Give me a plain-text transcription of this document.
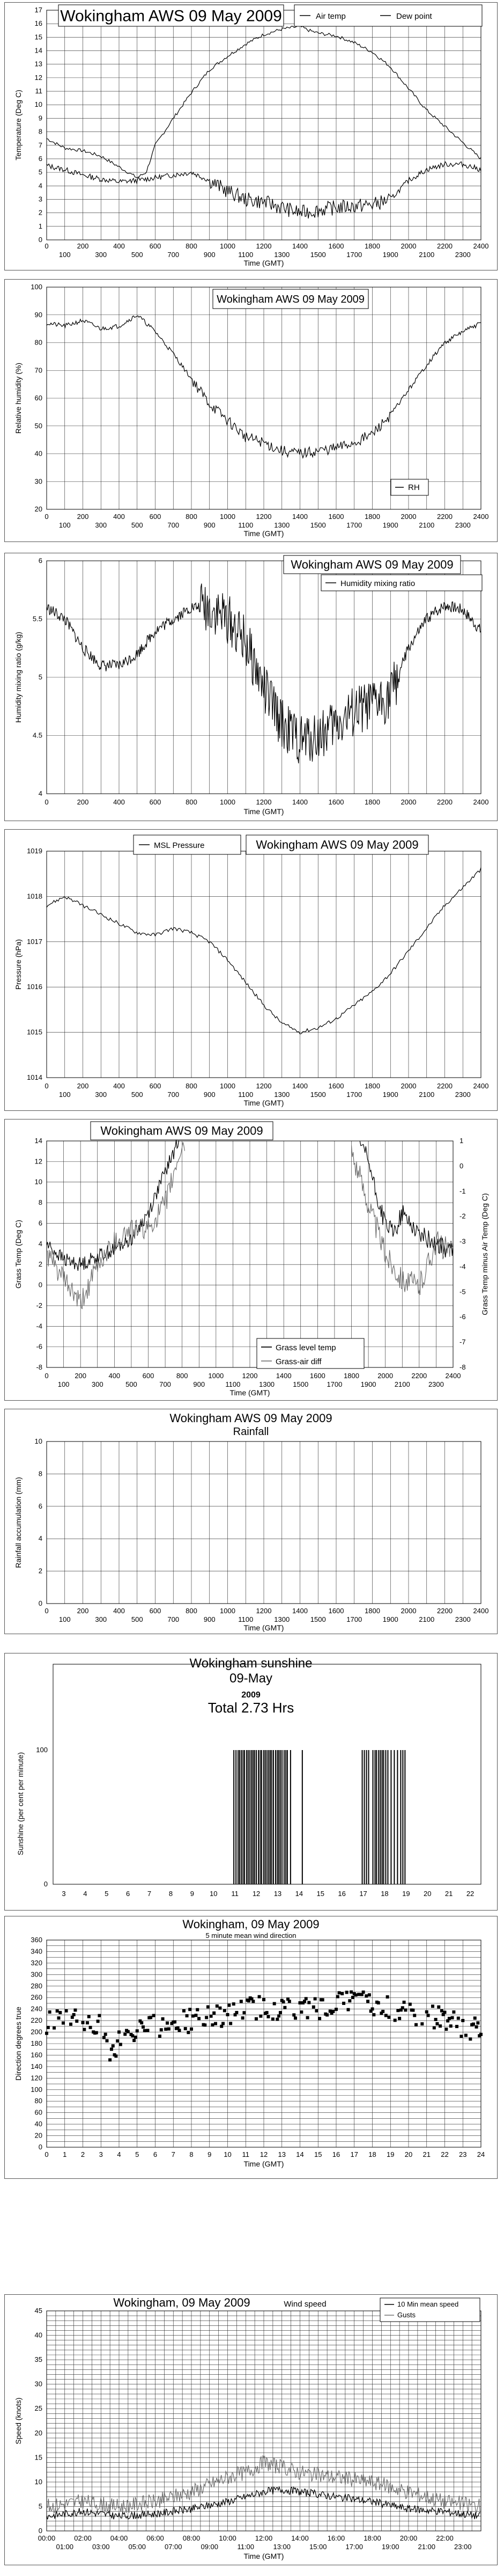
0
1
2
3
4
5
6
7
8
9
10
11
12
13
14
15
16
17
0	200	400	600	800	1000	1200	1400	1600	1800	2000	2200	2400
100	300	500	700	900	1100	1300	1500	1700	1900	2100	2300
Time (GMT)
Temperature (Deg C)
Wokingham AWS 09 May 2009	Air temp	Dew point
20
30
40
50
60
70
80
90
100
0	200	400	600	800	1000	1200	1400	1600	1800	2000	2200	2400
100	300	500	700	900	1100	1300	1500	1700	1900	2100	2300
Time (GMT)
Relative humidity (%)
Wokingham AWS 09 May 2009
RH
4
4.5
5
5.5
6
0	200	400	600	800	1000	1200	1400	1600	1800	2000	2200	2400
Time (GMT)
Humidity mixing ratio (g/kg)
Wokingham AWS 09 May 2009
Humidity mixing ratio
1014
1015
1016
1017
1018
1019
0	200	400	600	800	1000	1200	1400	1600	1800	2000	2200	2400
100	300	500	700	900	1100	1300	1500	1700	1900	2100	2300
Time (GMT)
Pressure (hPa)
MSL Pressure	Wokingham AWS 09 May 2009
-8
-6
-4
-2
0
2
4
6
8
10
12
14
-8
-7
-6
-5
-4
-3
-2
-1
0
1
0	200	400	600	800	1000	1200	1400	1600	1800	2000	2200	2400
100	300	500	700	900	1100	1300	1500	1700	1900	2100	2300
Time (GMT)
Grass Temp (Deg C)	Grass Temp minus Air Temp (Deg C)
Wokingham AWS 09 May 2009
Grass level temp
Grass-air diff
0
2
4
6
8
10
0	200	400	600	800	1000	1200	1400	1600	1800	2000	2200	2400
100	300	500	700	900	1100	1300	1500	1700	1900	2100	2300
Time (GMT)
Rainfall accumulation (mm)
Wokingham AWS 09 May 2009
Rainfall
0
100
3	4	5	6	7	8	9 10 11 12 13 14 15 16 17 18 19 20 21 22
Sunshine (per cent per minute)
Wokingham sunshine
09-May
2009
Total 2.73 Hrs
0
20
40
60
80
100
120
140
160
180
200
220
240
260
280
300
320
340
360
0 1 2 3 4 5 6 7 8 9 10 11 12 13 14 15 16 17 18 19 20 21 22 23 24
Time (GMT)
Direction degrees true
Wokingham, 09 May 2009
5 minute mean wind direction
0
5
10
15
20
25
30
35
40
45
00:00	02:00	04:00	06:00	08:00	10:00	12:00	14:00	16:00	18:00	20:00	22:00
01:00	03:00	05:00	07:00	09:00	11:00	13:00	15:00	17:00	19:00	21:00	23:00
Time (GMT)
Speed (knots)
Wokingham, 09 May 2009	Wind speed	10 Min mean speed
Gusts
